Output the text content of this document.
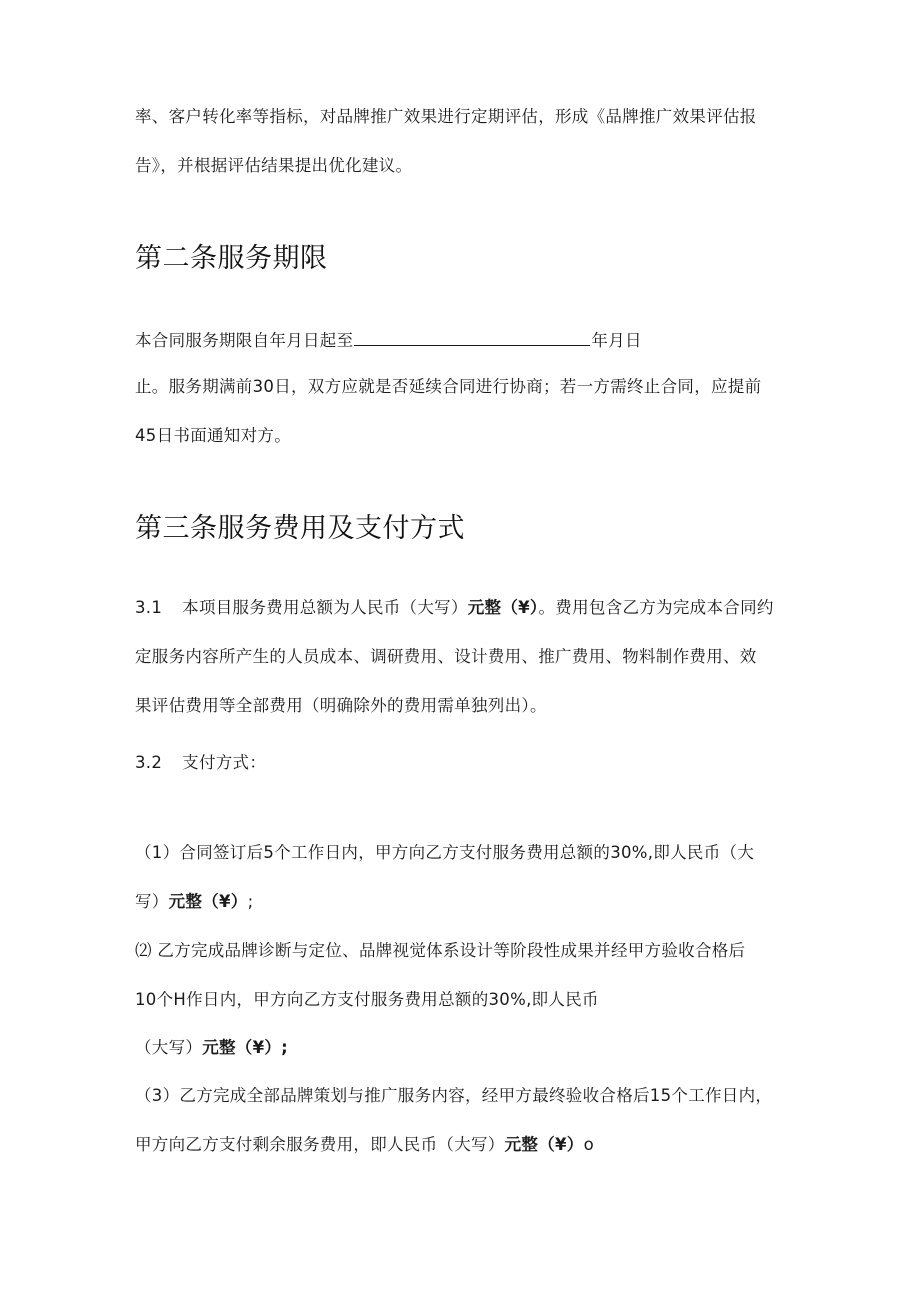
率、客户转化率等指标，对品牌推广效果进行定期评估，形成《品牌推广效果评估报
告》，并根据评估结果提出优化建议。
第二条服务期限
本合同服务期限自年月日起至	年月日
止。服务期满前30日，双方应就是否延续合同进行协商；若一方需终止合同，应提前
45日书面通知对方。
第三条服务费用及支付方式
3.1 本项目服务费用总额为人民币（大写）元整（¥）。费用包含乙方为完成本合同约
定服务内容所产生的人员成本、调研费用、设计费用、推广费用、物料制作费用、效
果评估费用等全部费用（明确除外的费用需单独列出）。
3.2 支付方式：
（1）合同签订后5个工作日内，甲方向乙方支付服务费用总额的30%,即人民币（大
写）元整（¥）;
⑵ 乙方完成品牌诊断与定位、品牌视觉体系设计等阶段性成果并经甲方验收合格后
10个H作日内，甲方向乙方支付服务费用总额的30%,即人民币
（大写）元整（¥）;
（3）乙方完成全部品牌策划与推广服务内容，经甲方最终验收合格后15个工作日内，
甲方向乙方支付剩余服务费用，即人民币（大写）元整（¥）o
